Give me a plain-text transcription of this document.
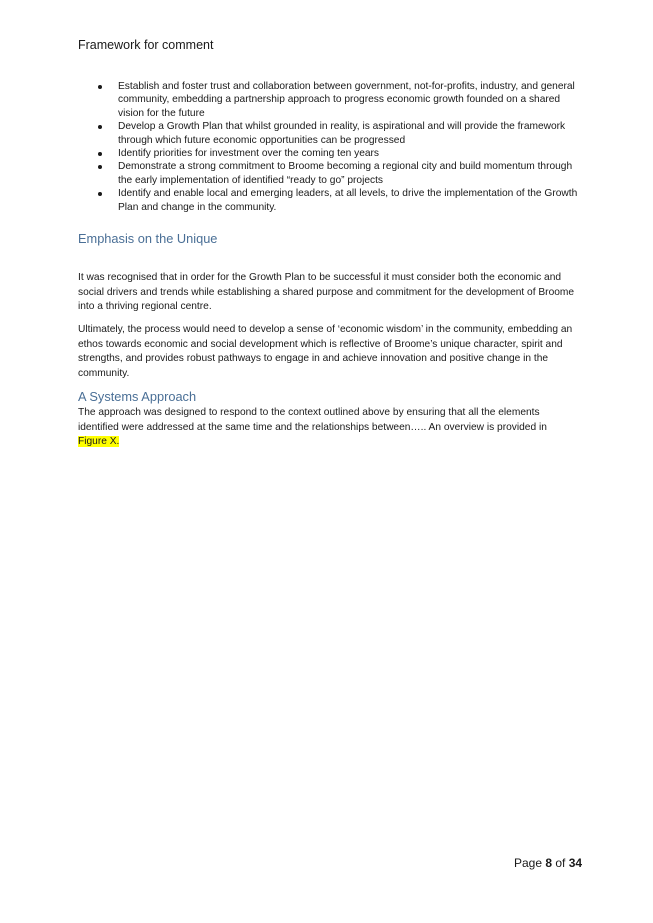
Framework for comment
Establish and foster trust and collaboration between government, not-for-profits, industry, and general community, embedding a partnership approach to progress economic growth founded on a shared vision for the future
Develop a Growth Plan that whilst grounded in reality, is aspirational and will provide the framework through which future economic opportunities can be progressed
Identify priorities for investment over the coming ten years
Demonstrate a strong commitment to Broome becoming a regional city and build momentum through the early implementation of identified “ready to go” projects
Identify and enable local and emerging leaders, at all levels, to drive the implementation of the Growth Plan and change in the community.
Emphasis on the Unique

It was recognised that in order for the Growth Plan to be successful it must consider both the economic and social drivers and trends while establishing a shared purpose and commitment for the development of Broome into a thriving regional centre.

Ultimately, the process would need to develop a sense of ‘economic wisdom’ in the community, embedding an ethos towards economic and social development which is reflective of Broome’s unique character, spirit and strengths, and provides robust pathways to engage in and achieve innovation and positive change in the community.

A Systems Approach

The approach was designed to respond to the context outlined above by ensuring that all the elements identified were addressed at the same time and the relationships between….. An overview is provided in Figure X.

Page 8 of 34
